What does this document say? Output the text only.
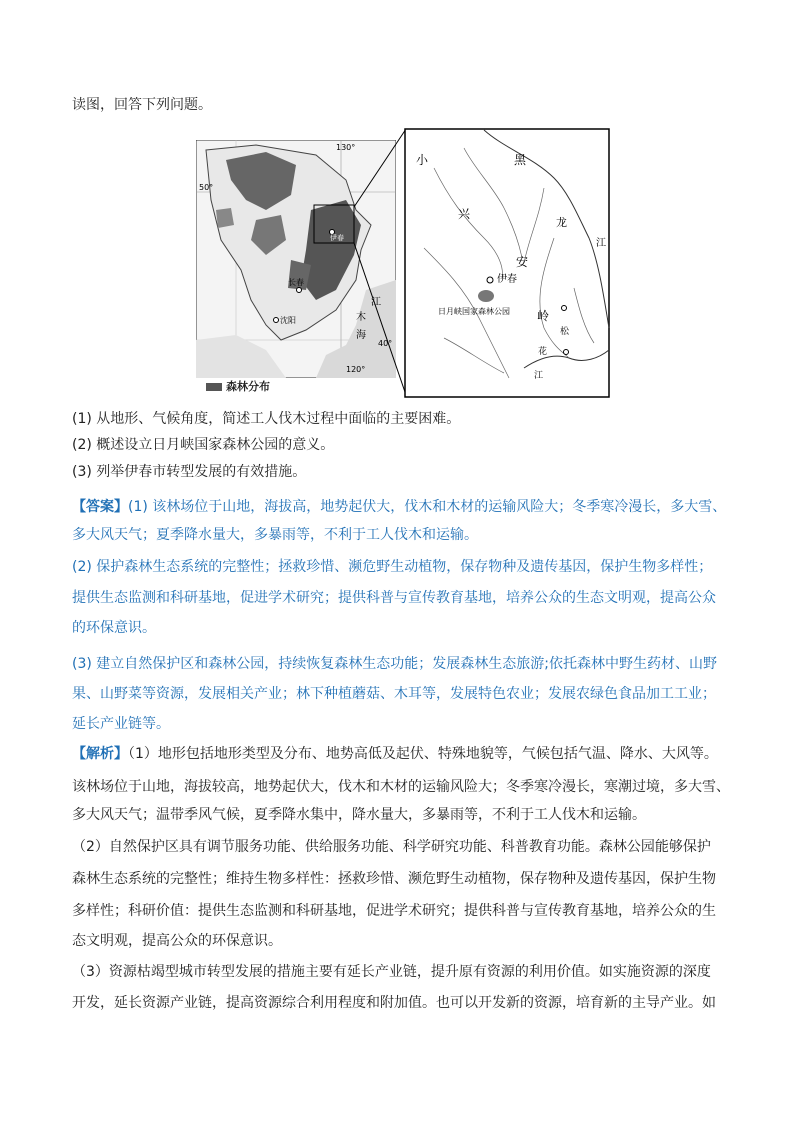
读图，回答下列问题。
130°
50°
伊春
长春
沈阳
江
木
海
120°
40°
小	黑
兴
龙
安
伊春
江
日月峡国家森林公园 岭
松
花
江
森林分布
(1) 从地形、气候角度，简述工人伐木过程中面临的主要困难。
(2) 概述设立日月峡国家森林公园的意义。
(3) 列举伊春市转型发展的有效措施。
【答案】(1) 该林场位于山地，海拔高，地势起伏大，伐木和木材的运输风险大；冬季寒冷漫长，多大雪、
多大风天气；夏季降水量大，多暴雨等，不利于工人伐木和运输。
(2) 保护森林生态系统的完整性；拯救珍惜、濒危野生动植物，保存物种及遗传基因，保护生物多样性；
提供生态监测和科研基地，促进学术研究；提供科普与宣传教育基地，培养公众的生态文明观，提高公众
的环保意识。
(3) 建立自然保护区和森林公园，持续恢复森林生态功能；发展森林生态旅游;依托森林中野生药材、山野
果、山野菜等资源，发展相关产业；林下种植蘑菇、木耳等，发展特色农业；发展农绿色食品加工工业；
延长产业链等。
【解析】（1）地形包括地形类型及分布、地势高低及起伏、特殊地貌等，气候包括气温、降水、大风等。
该林场位于山地，海拔较高，地势起伏大，伐木和木材的运输风险大；冬季寒冷漫长，寒潮过境，多大雪、
多大风天气；温带季风气候，夏季降水集中，降水量大，多暴雨等，不利于工人伐木和运输。
（2）自然保护区具有调节服务功能、供给服务功能、科学研究功能、科普教育功能。森林公园能够保护
森林生态系统的完整性；维持生物多样性：拯救珍惜、濒危野生动植物，保存物种及遗传基因，保护生物
多样性；科研价值：提供生态监测和科研基地，促进学术研究；提供科普与宣传教育基地，培养公众的生
态文明观，提高公众的环保意识。
（3）资源枯竭型城市转型发展的措施主要有延长产业链，提升原有资源的利用价值。如实施资源的深度
开发，延长资源产业链，提高资源综合利用程度和附加值。也可以开发新的资源，培育新的主导产业。如
